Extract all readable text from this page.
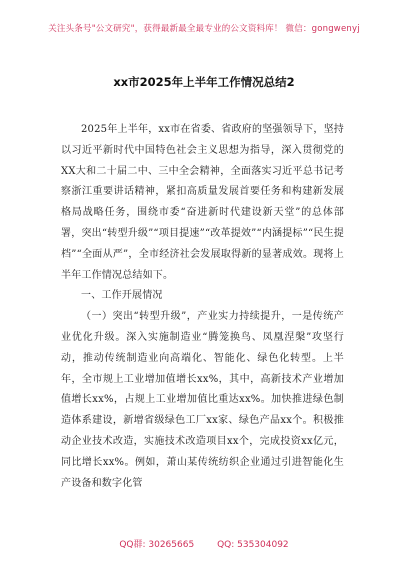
关注头条号"公文研究"，获得最新最全最专业的公文资料库！ 微信：gongwenyj
xx市2025年上半年工作情况总结2

2025年上半年，xx市在省委、省政府的坚强领导下，坚持以习近平新时代中国特色社会主义思想为指导，深入贯彻党的XX大和二十届二中、三中全会精神，全面落实习近平总书记考察浙江重要讲话精神，紧扣高质量发展首要任务和构建新发展格局战略任务，围绕市委“奋进新时代建设新天堂”的总体部署，突出“转型升级”“项目提速”“改革提效”“内涵提标”“民生提档”“全面从严”，全市经济社会发展取得新的显著成效。现将上半年工作情况总结如下。

一、工作开展情况

（一）突出“转型升级”，产业实力持续提升，一是传统产业优化升级。深入实施制造业“腾笼换鸟、凤凰涅槃”攻坚行动，推动传统制造业向高端化、智能化、绿色化转型。上半年，全市规上工业增加值增长xx%，其中，高新技术产业增加值增长xx%，占规上工业增加值比重达xx%。加快推进绿色制造体系建设，新增省级绿色工厂xx家、绿色产品xx个。积极推动企业技术改造，实施技术改造项目xx个，完成投资xx亿元，同比增长xx%。例如，萧山某传统纺织企业通过引进智能化生产设备和数字化管

QQ群: 30265665	QQ: 535304092
